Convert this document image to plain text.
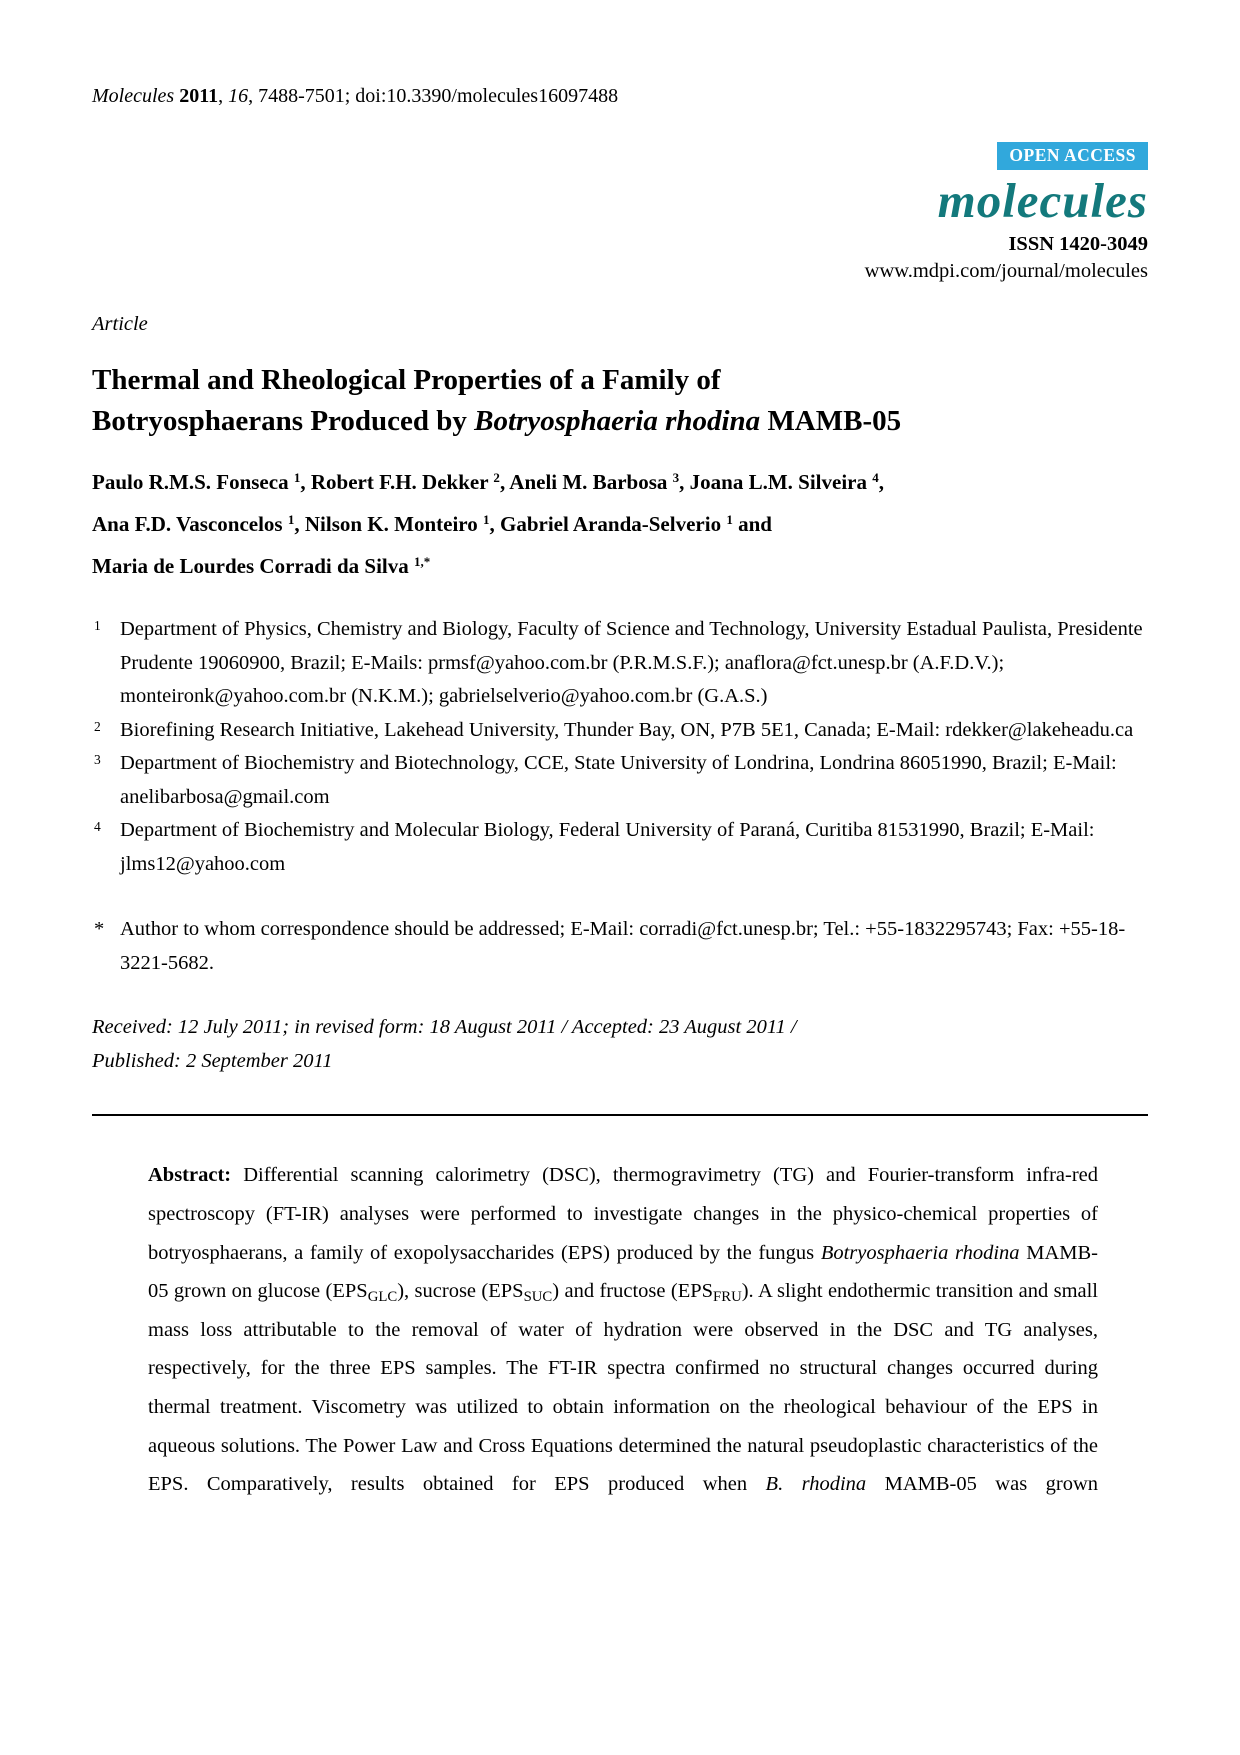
Molecules 2011, 16, 7488-7501; doi:10.3390/molecules16097488

OPEN ACCESS
molecules
ISSN 1420-3049
www.mdpi.com/journal/molecules
Article
Thermal and Rheological Properties of a Family of
Botryosphaerans Produced by Botryosphaeria rhodina MAMB-05
Paulo R.M.S. Fonseca $^1$, Robert F.H. Dekker $^2$, Aneli M. Barbosa $^3$, Joana L.M. Silveira $^4$,
Ana F.D. Vasconcelos $^1$, Nilson K. Monteiro $^1$, Gabriel Aranda-Selverio $^1$ and
Maria de Lourdes Corradi da Silva $^{1,*}$
1 Department of Physics, Chemistry and Biology, Faculty of Science and Technology, University Estadual Paulista, Presidente Prudente 19060900, Brazil; E-Mails: prmsf@yahoo.com.br (P.R.M.S.F.); anaflora@fct.unesp.br (A.F.D.V.); monteironk@yahoo.com.br (N.K.M.); gabrielselverio@yahoo.com.br (G.A.S.)
2 Biorefining Research Initiative, Lakehead University, Thunder Bay, ON, P7B 5E1, Canada; E-Mail: rdekker@lakeheadu.ca
3 Department of Biochemistry and Biotechnology, CCE, State University of Londrina, Londrina 86051990, Brazil; E-Mail: anelibarbosa@gmail.com
4 Department of Biochemistry and Molecular Biology, Federal University of Paraná, Curitiba 81531990, Brazil; E-Mail: jlms12@yahoo.com
* Author to whom correspondence should be addressed; E-Mail: corradi@fct.unesp.br; Tel.: +55-1832295743; Fax: +55-18-3221-5682.
Received: 12 July 2011; in revised form: 18 August 2011 / Accepted: 23 August 2011 /
Published: 2 September 2011

Abstract: Differential scanning calorimetry (DSC), thermogravimetry (TG) and Fourier-transform infra-red spectroscopy (FT-IR) analyses were performed to investigate changes in the physico-chemical properties of botryosphaerans, a family of exopolysaccharides (EPS) produced by the fungus Botryosphaeria rhodina MAMB-05 grown on glucose (EPSGLC), sucrose (EPSSUC) and fructose (EPSFRU). A slight endothermic transition and small mass loss attributable to the removal of water of hydration were observed in the DSC and TG analyses, respectively, for the three EPS samples. The FT-IR spectra confirmed no structural changes occurred during thermal treatment. Viscometry was utilized to obtain information on the rheological behaviour of the EPS in aqueous solutions. The Power Law and Cross Equations determined the natural pseudoplastic characteristics of the EPS. Comparatively, results obtained for EPS produced when B. rhodina MAMB-05 was grown
